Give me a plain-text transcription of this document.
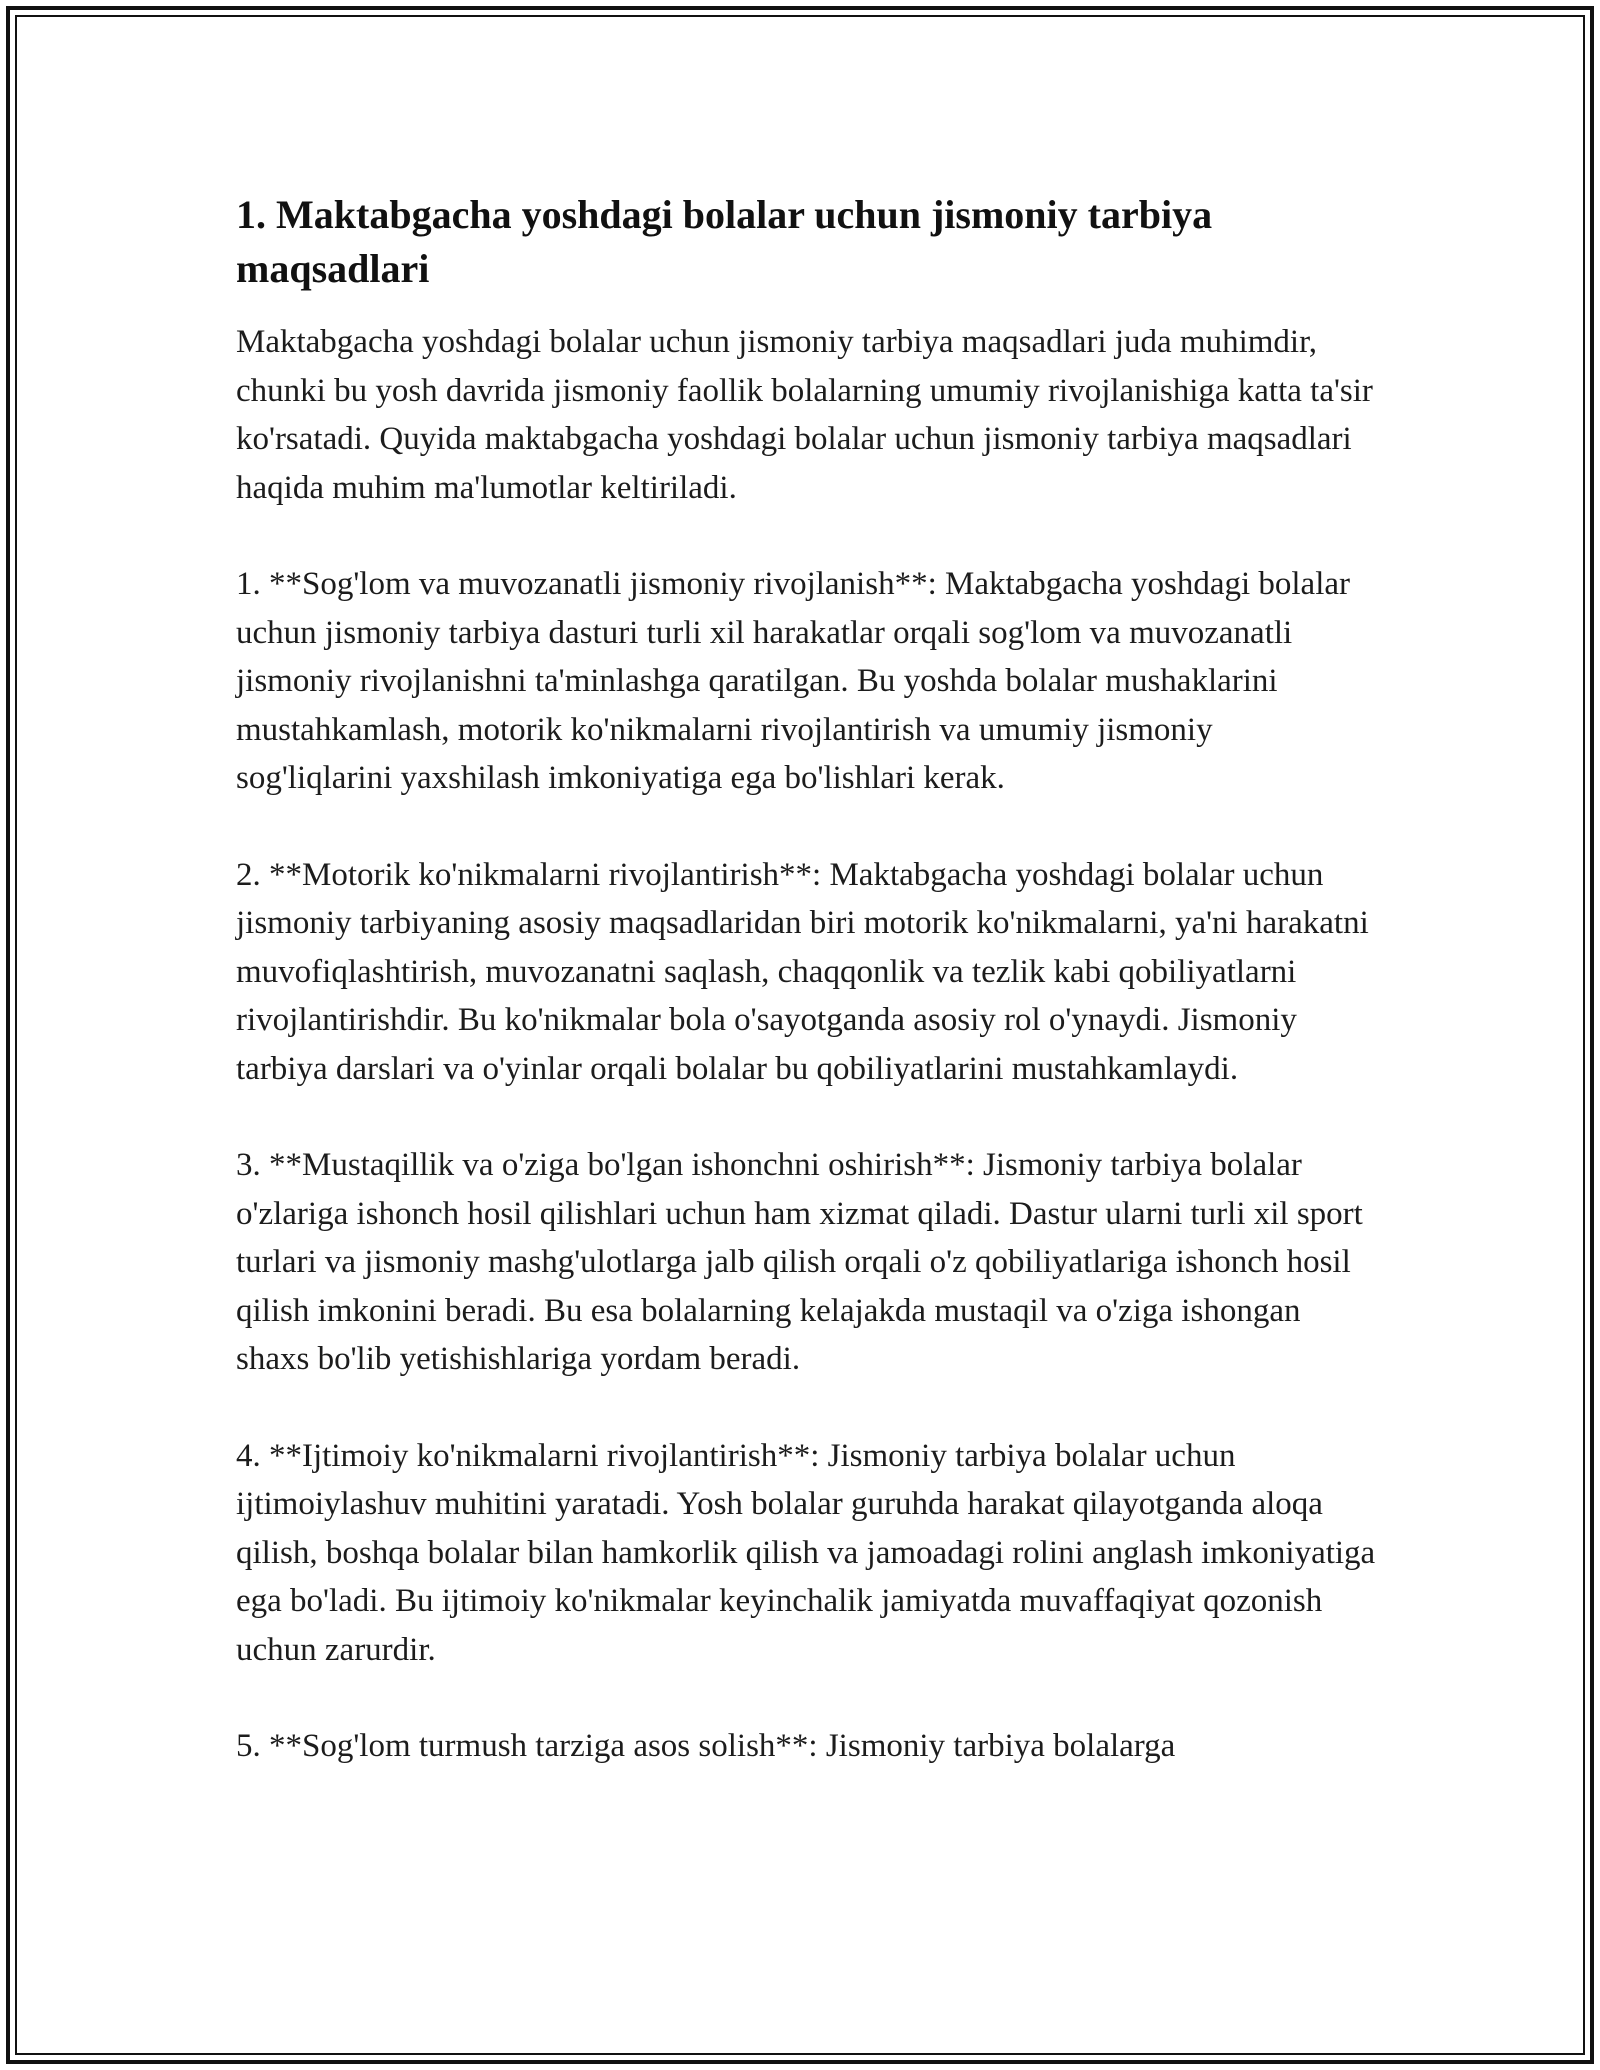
1. Maktabgacha yoshdagi bolalar uchun jismoniy tarbiya maqsadlari

Maktabgacha yoshdagi bolalar uchun jismoniy tarbiya maqsadlari juda muhimdir, chunki bu yosh davrida jismoniy faollik bolalarning umumiy rivojlanishiga katta ta'sir ko'rsatadi. Quyida maktabgacha yoshdagi bolalar uchun jismoniy tarbiya maqsadlari haqida muhim ma'lumotlar keltiriladi.

1. **Sog'lom va muvozanatli jismoniy rivojlanish**: Maktabgacha yoshdagi bolalar uchun jismoniy tarbiya dasturi turli xil harakatlar orqali sog'lom va muvozanatli jismoniy rivojlanishni ta'minlashga qaratilgan. Bu yoshda bolalar mushaklarini mustahkamlash, motorik ko'nikmalarni rivojlantirish va umumiy jismoniy sog'liqlarini yaxshilash imkoniyatiga ega bo'lishlari kerak.

2. **Motorik ko'nikmalarni rivojlantirish**: Maktabgacha yoshdagi bolalar uchun jismoniy tarbiyaning asosiy maqsadlaridan biri motorik ko'nikmalarni, ya'ni harakatni muvofiqlashtirish, muvozanatni saqlash, chaqqonlik va tezlik kabi qobiliyatlarni rivojlantirishdir. Bu ko'nikmalar bola o'sayotganda asosiy rol o'ynaydi. Jismoniy tarbiya darslari va o'yinlar orqali bolalar bu qobiliyatlarini mustahkamlaydi.

3. **Mustaqillik va o'ziga bo'lgan ishonchni oshirish**: Jismoniy tarbiya bolalar o'zlariga ishonch hosil qilishlari uchun ham xizmat qiladi. Dastur ularni turli xil sport turlari va jismoniy mashg'ulotlarga jalb qilish orqali o'z qobiliyatlariga ishonch hosil qilish imkonini beradi. Bu esa bolalarning kelajakda mustaqil va o'ziga ishongan shaxs bo'lib yetishishlariga yordam beradi.

4. **Ijtimoiy ko'nikmalarni rivojlantirish**: Jismoniy tarbiya bolalar uchun ijtimoiylashuv muhitini yaratadi. Yosh bolalar guruhda harakat qilayotganda aloqa qilish, boshqa bolalar bilan hamkorlik qilish va jamoadagi rolini anglash imkoniyatiga ega bo'ladi. Bu ijtimoiy ko'nikmalar keyinchalik jamiyatda muvaffaqiyat qozonish uchun zarurdir.

5. **Sog'lom turmush tarziga asos solish**: Jismoniy tarbiya bolalarga
